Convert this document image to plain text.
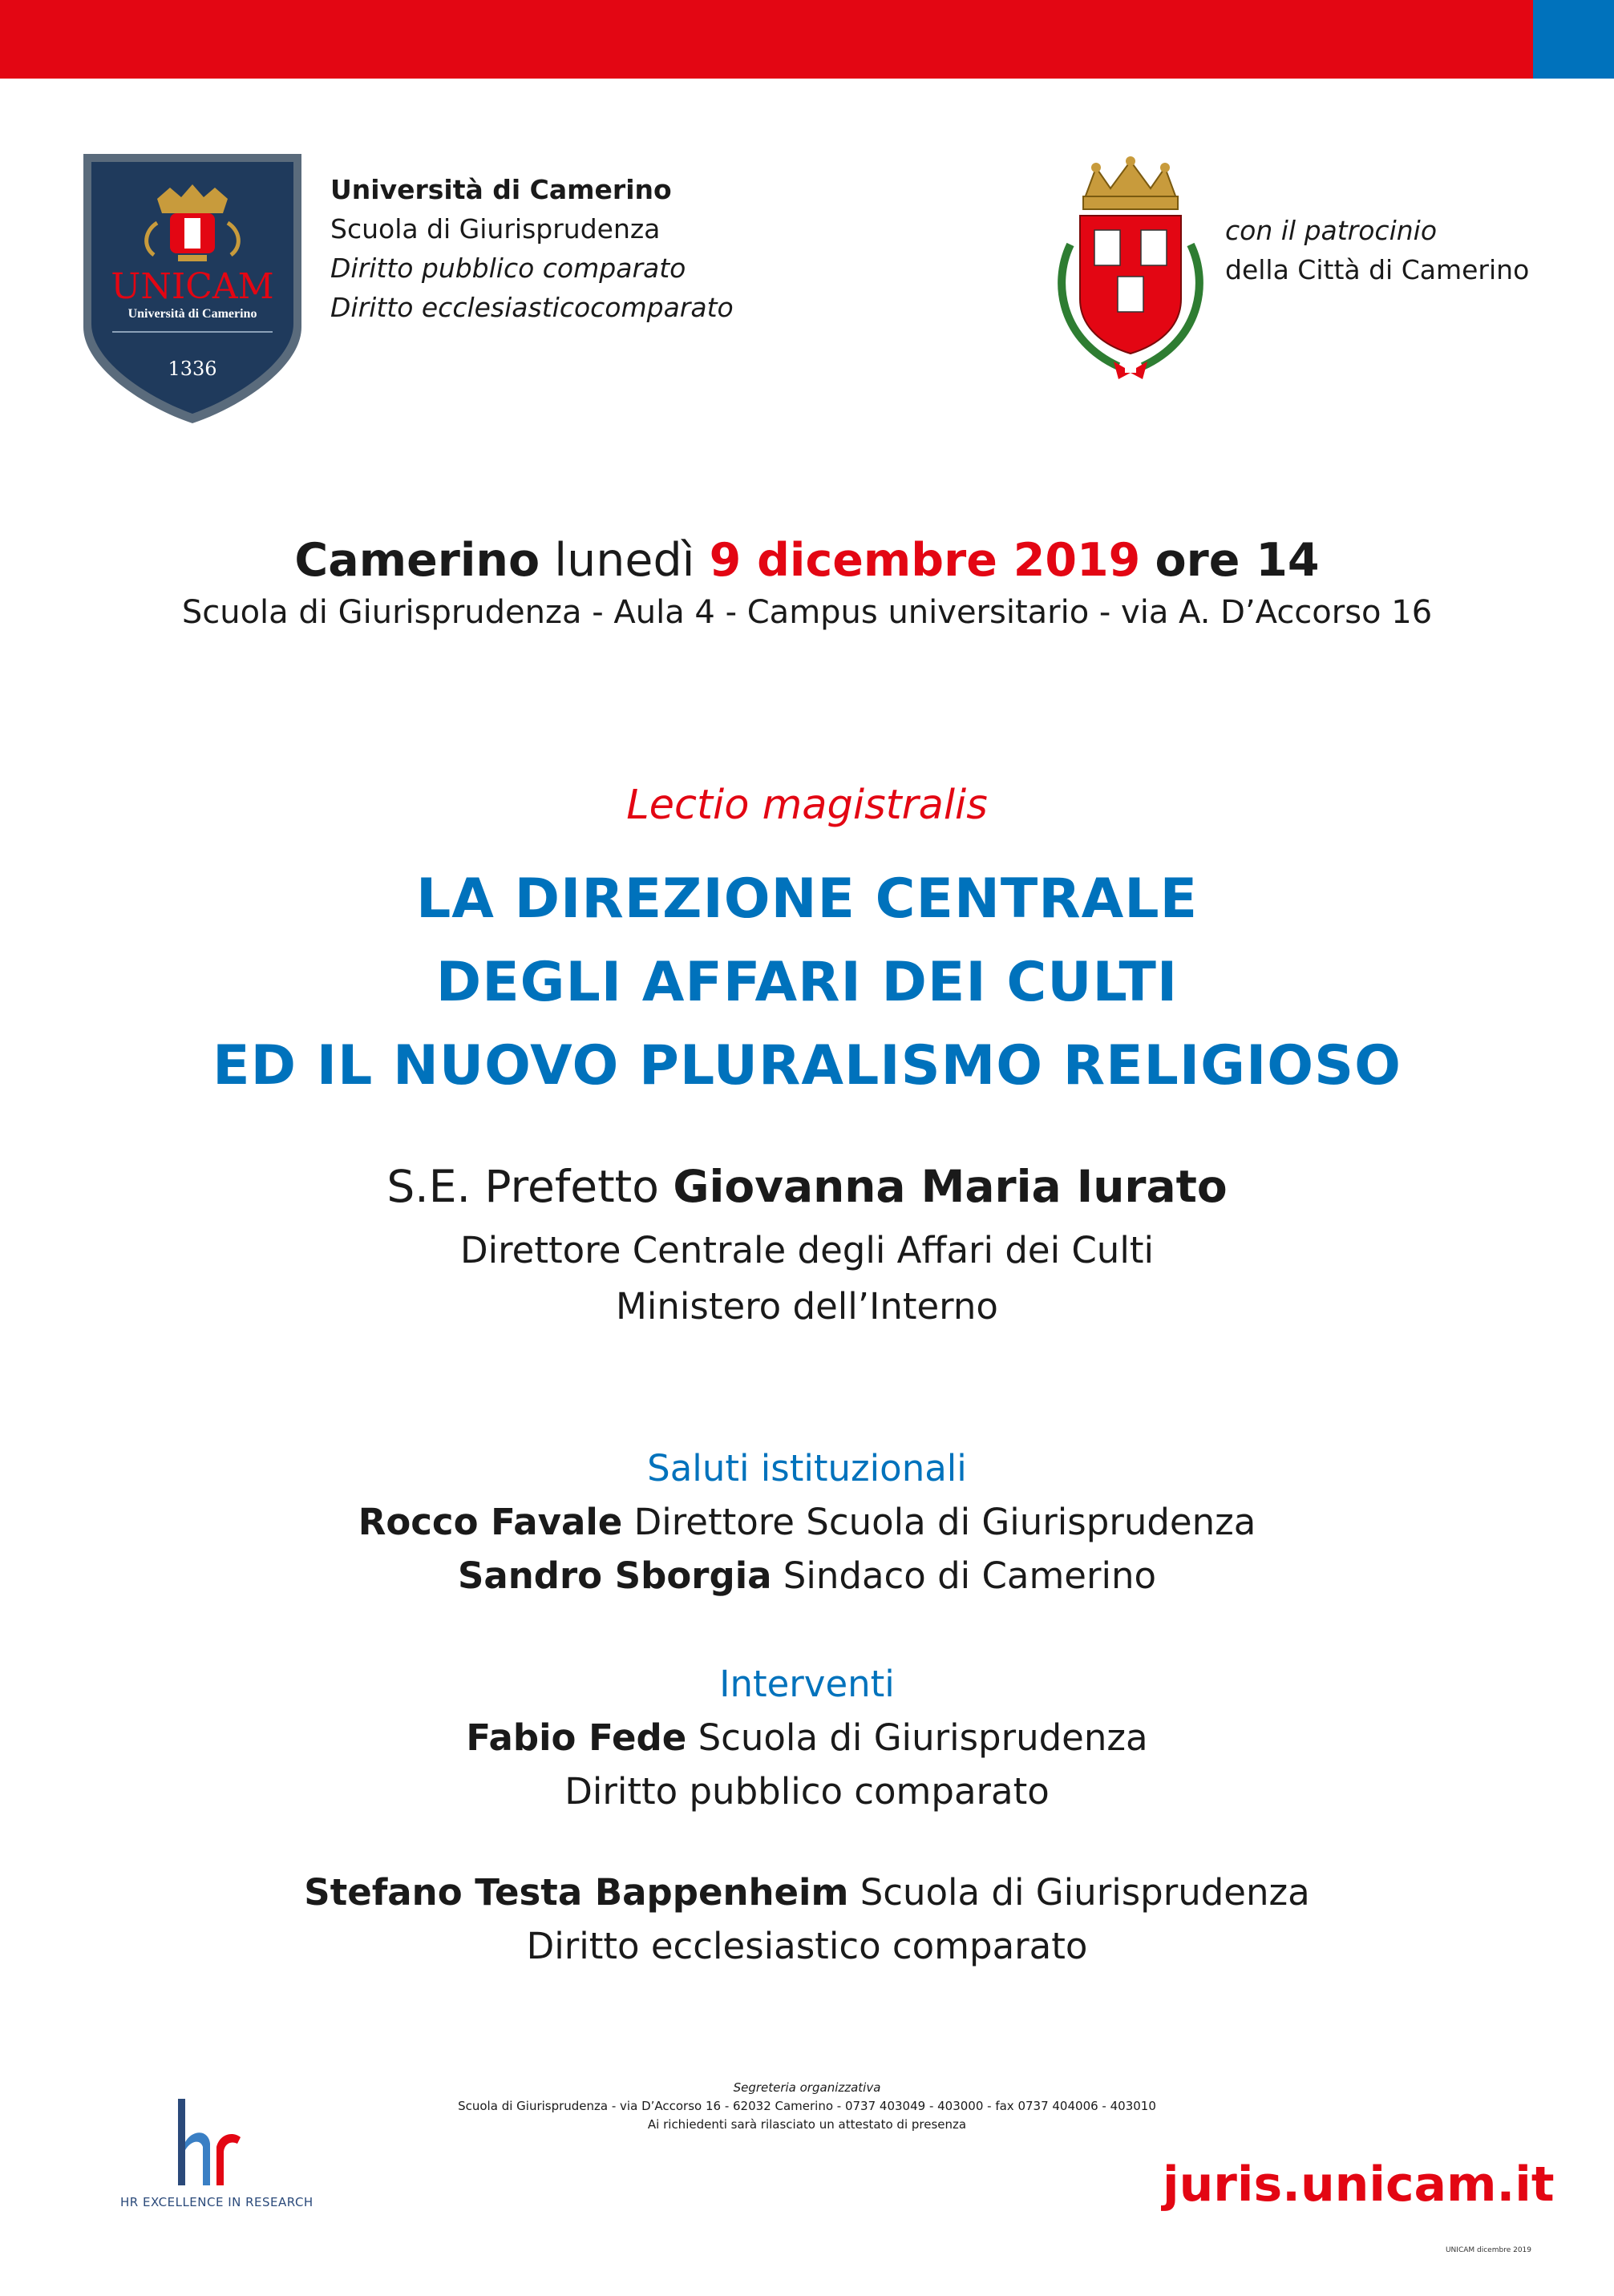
UNICAM
Università di Camerino
1336
Università di Camerino
Scuola di Giurisprudenza
Diritto pubblico comparato
Diritto ecclesiasticocomparato
con il patrocinio
della Città di Camerino
Camerino lunedì 9 dicembre 2019 ore 14
Scuola di Giurisprudenza - Aula 4 - Campus universitario - via A. D’Accorso 16
Lectio magistralis
LA DIREZIONE CENTRALE
DEGLI AFFARI DEI CULTI
ED IL NUOVO PLURALISMO RELIGIOSO
S.E. Prefetto Giovanna Maria Iurato
Direttore Centrale degli Affari dei Culti
Ministero dell’Interno
Saluti istituzionali
Rocco Favale Direttore Scuola di Giurisprudenza
Sandro Sborgia Sindaco di Camerino
Interventi
Fabio Fede Scuola di Giurisprudenza
Diritto pubblico comparato
Stefano Testa Bappenheim Scuola di Giurisprudenza
Diritto ecclesiastico comparato
Segreteria organizzativa
Scuola di Giurisprudenza - via D’Accorso 16 - 62032 Camerino - 0737 403049 - 403000 - fax 0737 404006 - 403010
Ai richiedenti sarà rilasciato un attestato di presenza
HR EXCELLENCE IN RESEARCH	juris.unicam.it
UNICAM dicembre 2019
